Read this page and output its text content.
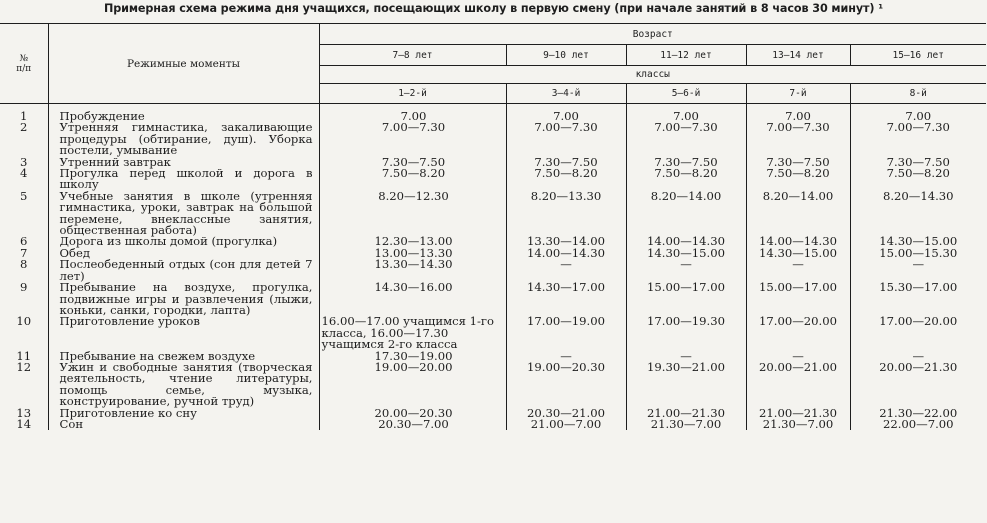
Примерная схема режима дня учащихся, посещающих школу в первую смену (при начале занятий в 8 часов 30 минут) ¹
№
п/п	Режимные моменты	Возраст				
		7—8 лет	9—10 лет	11—12 лет	13—14 лет	15—16 лет
		классы				
		1—2-й	3—4-й	5—6-й	7-й	8-й
1	Пробуждение	7.00	7.00	7.00	7.00	7.00
2	Утренняя гимнастика, закаливающие процедуры (обтирание, душ). Уборка постели, умывание	7.00—7.30	7.00—7.30	7.00—7.30	7.00—7.30	7.00—7.30
3	Утренний завтрак	7.30—7.50	7.30—7.50	7.30—7.50	7.30—7.50	7.30—7.50
4	Прогулка перед школой и дорога в школу	7.50—8.20	7.50—8.20	7.50—8.20	7.50—8.20	7.50—8.20
5	Учебные занятия в школе (утренняя гимнастика, уроки, завтрак на большой перемене, внеклассные занятия, общественная работа)	8.20—12.30	8.20—13.30	8.20—14.00	8.20—14.00	8.20—14.30
6	Дорога из школы домой (прогулка)	12.30—13.00	13.30—14.00	14.00—14.30	14.00—14.30	14.30—15.00
7	Обед	13.00—13.30	14.00—14.30	14.30—15.00	14.30—15.00	15.00—15.30
8	Послеобеденный отдых (сон для детей 7 лет)	13.30—14.30	—	—	—	—
9	Пребывание на воздухе, прогулка, подвижные игры и развлечения (лыжи, коньки, санки, городки, лапта)	14.30—16.00	14.30—17.00	15.00—17.00	15.00—17.00	15.30—17.00
10	Приготовление уроков	16.00—17.00 учащимся 1-го класса, 16.00—17.30 учащимся 2-го класса	17.00—19.00	17.00—19.30	17.00—20.00	17.00—20.00
11	Пребывание на свежем воздухе	17.30—19.00	—	—	—	—
12	Ужин и свободные занятия (творческая деятельность, чтение литературы, помощь семье, музыка, конструирование, ручной труд)	19.00—20.00	19.00—20.30	19.30—21.00	20.00—21.00	20.00—21.30
13	Приготовление ко сну	20.00—20.30	20.30—21.00	21.00—21.30	21.00—21.30	21.30—22.00
14	Сон	20.30—7.00	21.00—7.00	21.30—7.00	21.30—7.00	22.00—7.00
